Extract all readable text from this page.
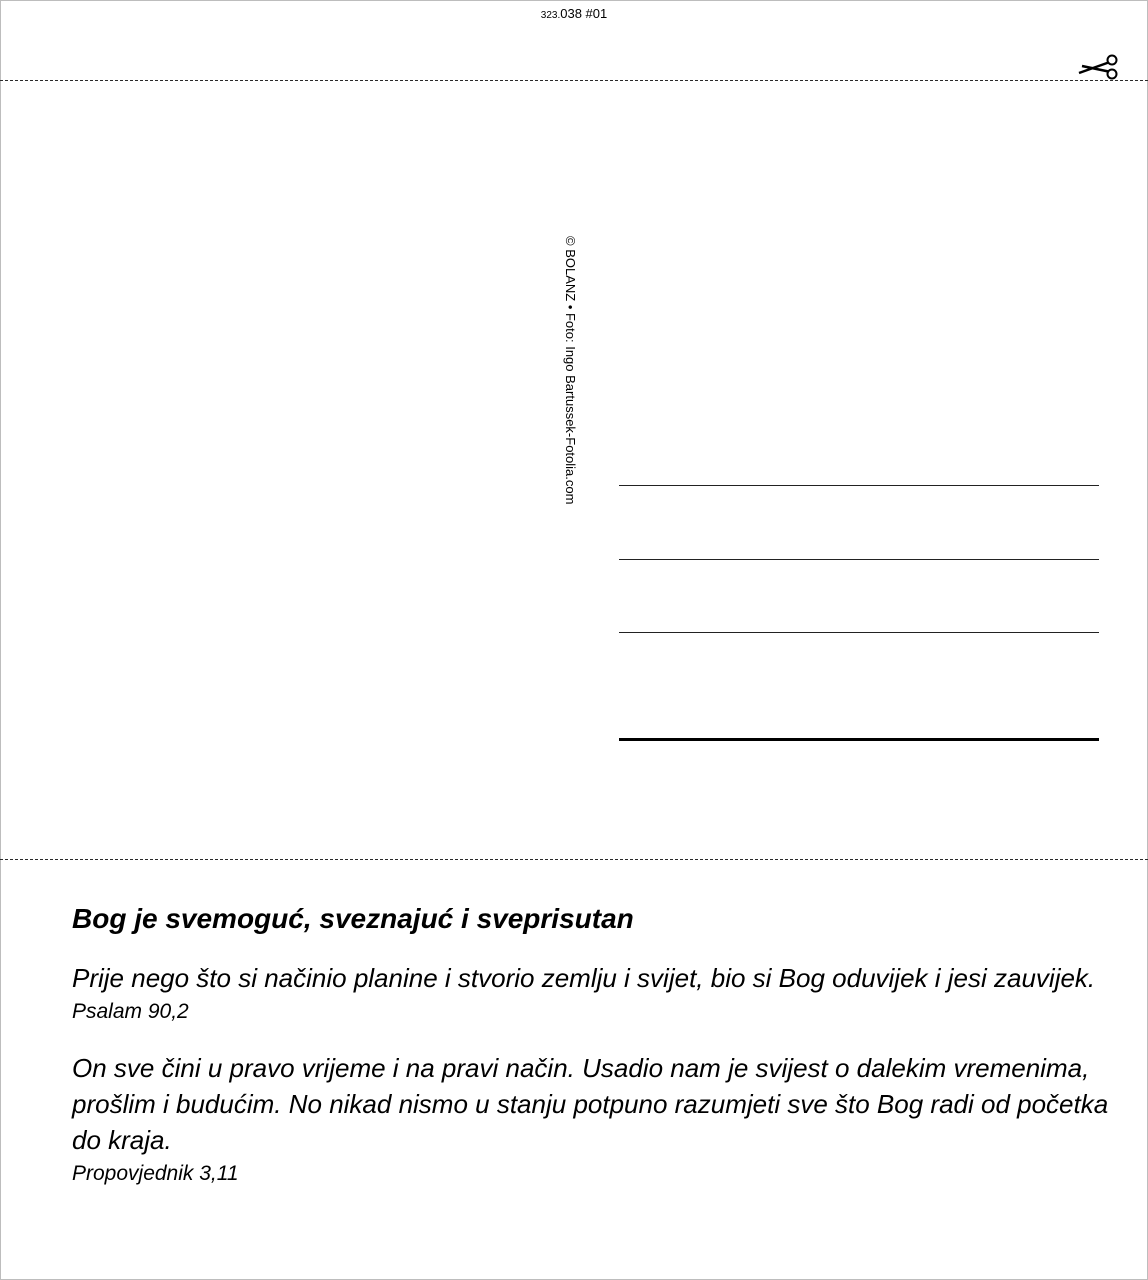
323.038 #01
© BOLANZ • Foto: Ingo Bartussek-Fotolia.com

Bog je svemoguć, sveznajuć i sveprisutan

Prije nego što si načinio planine i stvorio zemlju i svijet, bio si Bog oduvijek i jesi zauvijek.

Psalam 90,2

On sve čini u pravo vrijeme i na pravi način. Usadio nam je svijest o dalekim vremenima, prošlim i budućim. No nikad nismo u stanju potpuno razumjeti sve što Bog radi od početka do kraja.

Propovjednik 3,11
